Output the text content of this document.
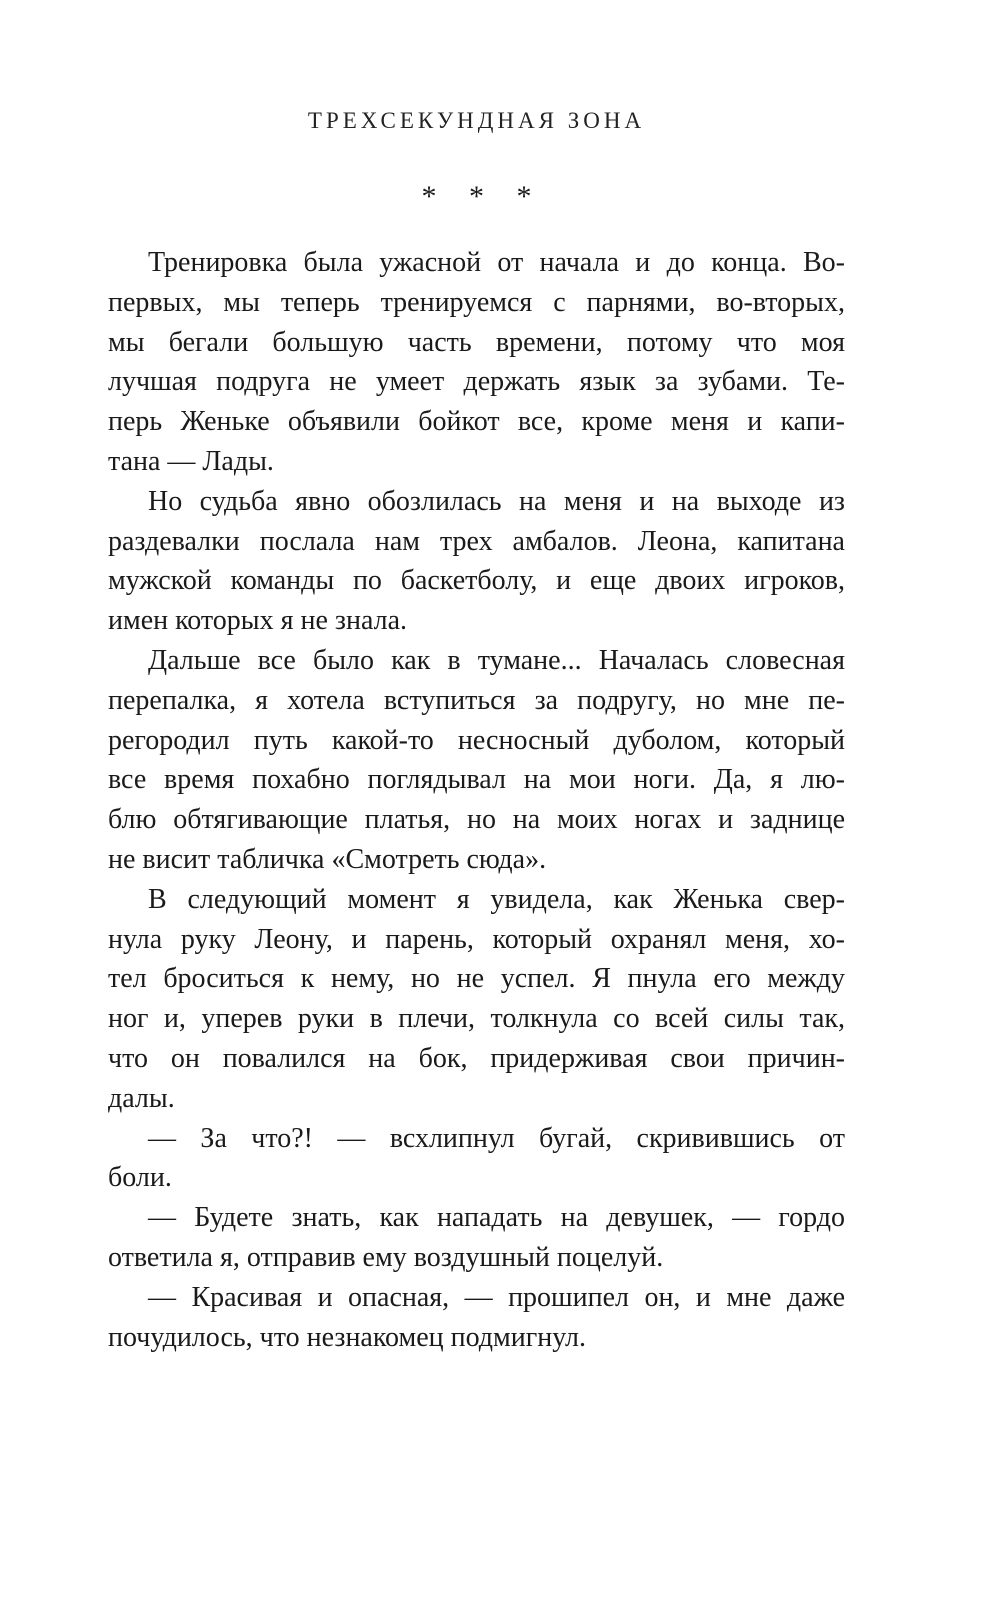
ТРЕХСЕКУНДНАЯ ЗОНА
* * *
Тренировка была ужасной от начала и до конца. Во-
первых, мы теперь тренируемся с парнями, во-вторых,
мы бегали большую часть времени, потому что моя
лучшая подруга не умеет держать язык за зубами. Те-
перь Женьке объявили бойкот все, кроме меня и капи-
тана — Лады.
Но судьба явно обозлилась на меня и на выходе из
раздевалки послала нам трех амбалов. Леона, капитана
мужской команды по баскетболу, и еще двоих игроков,
имен которых я не знала.
Дальше все было как в тумане... Началась словесная
перепалка, я хотела вступиться за подругу, но мне пе-
регородил путь какой-то несносный дуболом, который
все время похабно поглядывал на мои ноги. Да, я лю-
блю обтягивающие платья, но на моих ногах и заднице
не висит табличка «Смотреть сюда».
В следующий момент я увидела, как Женька свер-
нула руку Леону, и парень, который охранял меня, хо-
тел броситься к нему, но не успел. Я пнула его между
ног и, уперев руки в плечи, толкнула со всей силы так,
что он повалился на бок, придерживая свои причин-
далы.
— За что?! — всхлипнул бугай, скривившись от
боли.
— Будете знать, как нападать на девушек, — гордо
ответила я, отправив ему воздушный поцелуй.
— Красивая и опасная, — прошипел он, и мне даже
почудилось, что незнакомец подмигнул.
